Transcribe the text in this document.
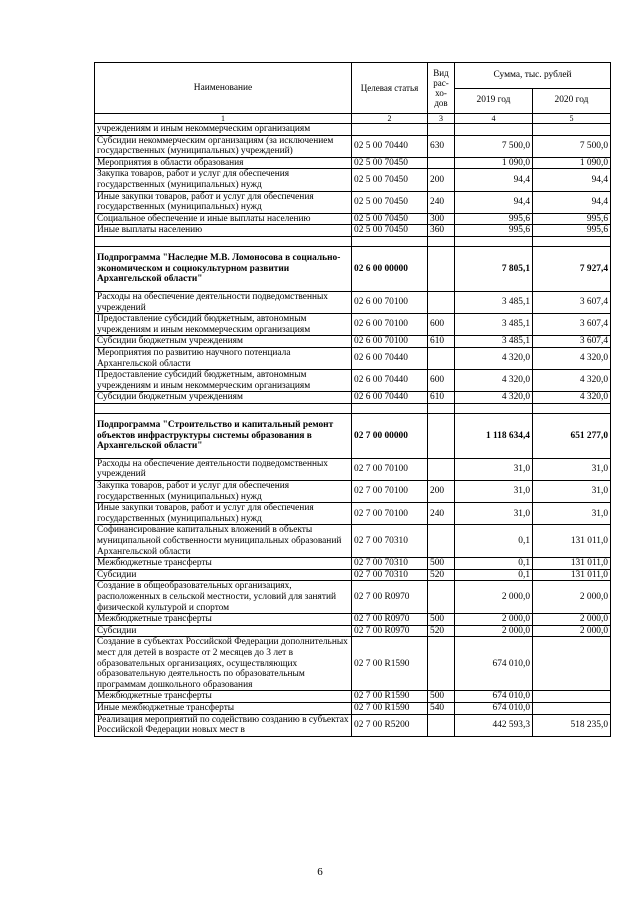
Наименование	Целевая статья	Вид рас-хо-дов	Сумма, тыс. рублей	
			2019 год	2020 год
1	2	3	4	5
учреждениям и иным некоммерческим организациям				
Субсидии некоммерческим организациям (за исключением государственных (муниципальных) учреждений)	02 5 00 70440	630	7 500,0	7 500,0
Мероприятия в области образования	02 5 00 70450		1 090,0	1 090,0
Закупка товаров, работ и услуг для обеспечения государственных (муниципальных) нужд	02 5 00 70450	200	94,4	94,4
Иные закупки товаров, работ и услуг для обеспечения государственных (муниципальных) нужд	02 5 00 70450	240	94,4	94,4
Социальное обеспечение и иные выплаты населению	02 5 00 70450	300	995,6	995,6
Иные выплаты населению	02 5 00 70450	360	995,6	995,6

Подпрограмма "Наследие М.В. Ломоносова в социально-экономическом и социокультурном развитии Архангельской области"	02 6 00 00000		7 805,1	7 927,4
Расходы на обеспечение деятельности подведомственных учреждений	02 6 00 70100		3 485,1	3 607,4
Предоставление субсидий бюджетным, автономным учреждениям и иным некоммерческим организациям	02 6 00 70100	600	3 485,1	3 607,4
Субсидии бюджетным учреждениям	02 6 00 70100	610	3 485,1	3 607,4
Мероприятия по развитию научного потенциала Архангельской области	02 6 00 70440		4 320,0	4 320,0
Предоставление субсидий бюджетным, автономным учреждениям и иным некоммерческим организациям	02 6 00 70440	600	4 320,0	4 320,0
Субсидии бюджетным учреждениям	02 6 00 70440	610	4 320,0	4 320,0

Подпрограмма "Строительство и капитальный ремонт объектов инфраструктуры системы образования в Архангельской области"	02 7 00 00000		1 118 634,4	651 277,0
Расходы на обеспечение деятельности подведомственных учреждений	02 7 00 70100		31,0	31,0
Закупка товаров, работ и услуг для обеспечения государственных (муниципальных) нужд	02 7 00 70100	200	31,0	31,0
Иные закупки товаров, работ и услуг для обеспечения государственных (муниципальных) нужд	02 7 00 70100	240	31,0	31,0
Софинансирование капитальных вложений в объекты муниципальной собственности муниципальных образований Архангельской области	02 7 00 70310		0,1	131 011,0
Межбюджетные трансферты	02 7 00 70310	500	0,1	131 011,0
Субсидии	02 7 00 70310	520	0,1	131 011,0
Создание в общеобразовательных организациях, расположенных в сельской местности, условий для занятий физической культурой и спортом	02 7 00 R0970		2 000,0	2 000,0
Межбюджетные трансферты	02 7 00 R0970	500	2 000,0	2 000,0
Субсидии	02 7 00 R0970	520	2 000,0	2 000,0
Создание в субъектах Российской Федерации дополнительных мест для детей в возрасте от 2 месяцев до 3 лет в образовательных организациях, осуществляющих образовательную деятельность по образовательным программам дошкольного образования	02 7 00 R1590		674 010,0	
Межбюджетные трансферты	02 7 00 R1590	500	674 010,0	
Иные межбюджетные трансферты	02 7 00 R1590	540	674 010,0	
Реализация мероприятий по содействию созданию в субъектах Российской Федерации новых мест в	02 7 00 R5200		442 593,3	518 235,0
6
